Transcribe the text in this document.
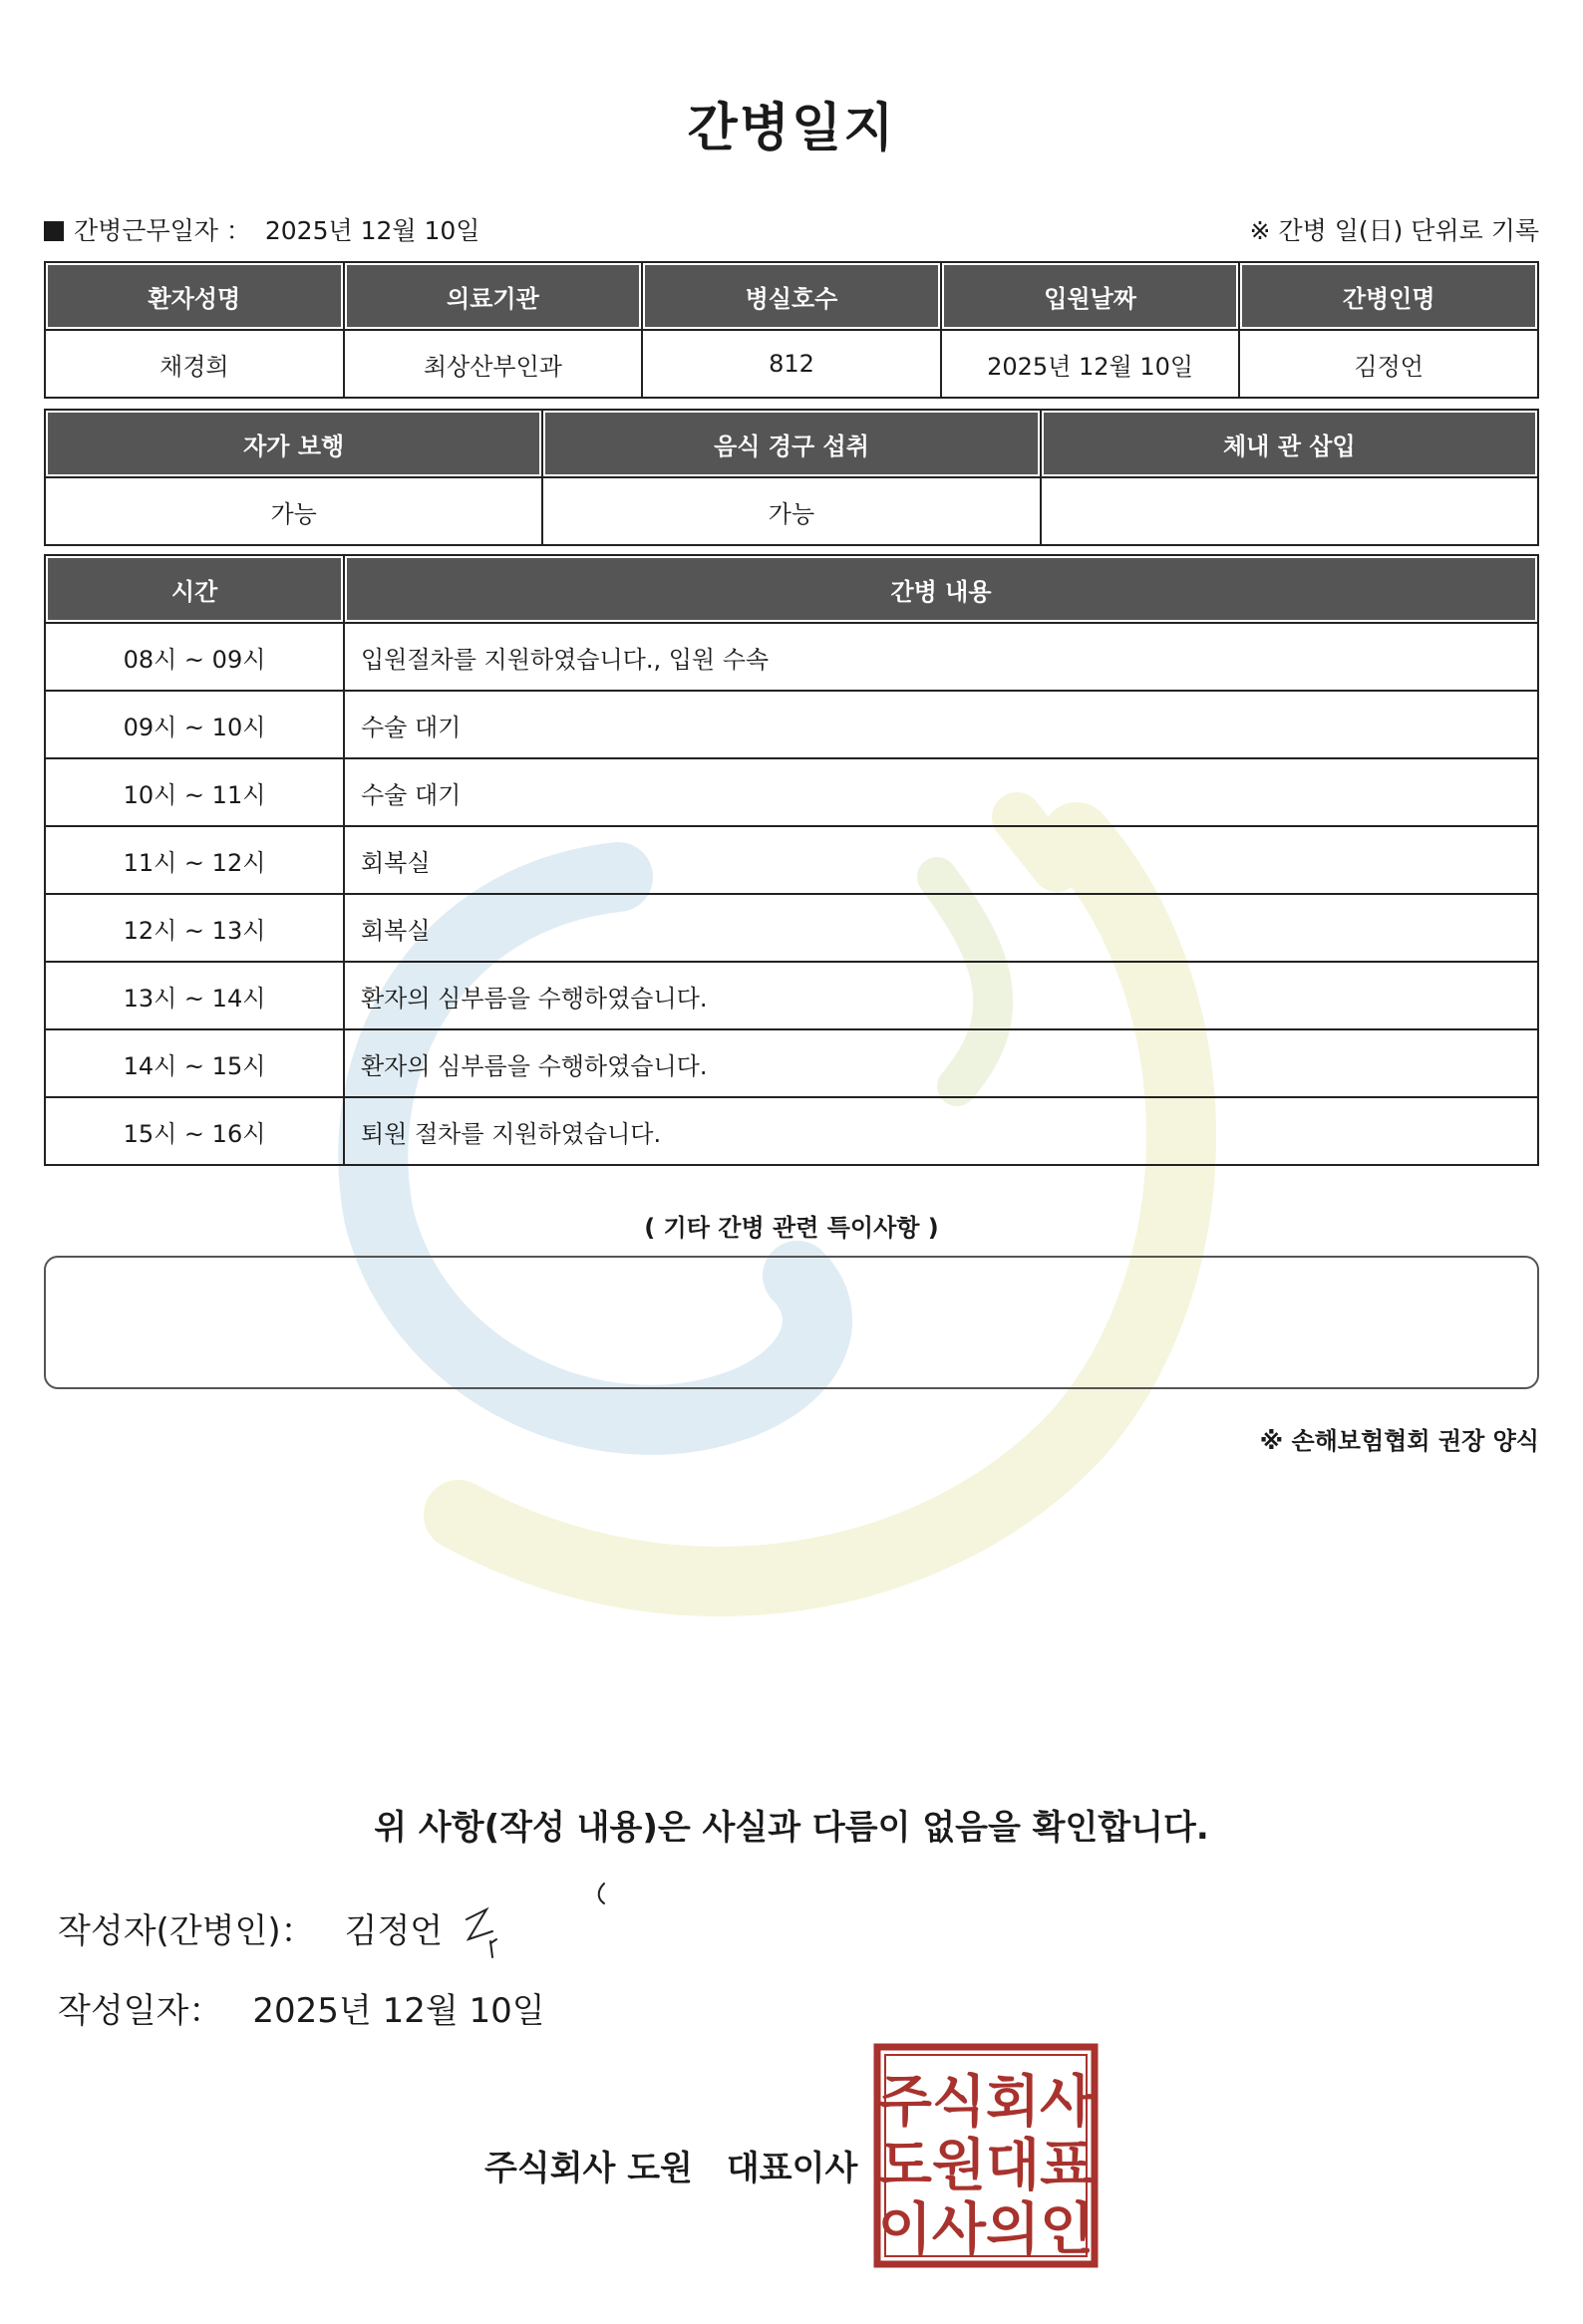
간병일지
간병근무일자 ： 2025년 12월 10일	※ 간병 일(日) 단위로 기록
환자성명	의료기관	병실호수	입원날짜	간병인명
채경희	최상산부인과	812	2025년 12월 10일	김정언
자가 보행	음식 경구 섭취	체내 관 삽입
가능	가능	
시간	간병 내용
08시 ~ 09시	입원절차를 지원하였습니다., 입원 수속
09시 ~ 10시	수술 대기
10시 ~ 11시	수술 대기
11시 ~ 12시	회복실
12시 ~ 13시	회복실
13시 ~ 14시	환자의 심부름을 수행하였습니다.
14시 ~ 15시	환자의 심부름을 수행하였습니다.
15시 ~ 16시	퇴원 절차를 지원하였습니다.
( 기타 간병 관련 특이사항 )
※ 손해보험협회 권장 양식
위 사항(작성 내용)은 사실과 다름이 없음을 확인합니다.
작성자(간병인)： 김정언
작성일자： 2025년 12월 10일
주식회사 도원 대표이사
주식회사
도원대표
이사의인
